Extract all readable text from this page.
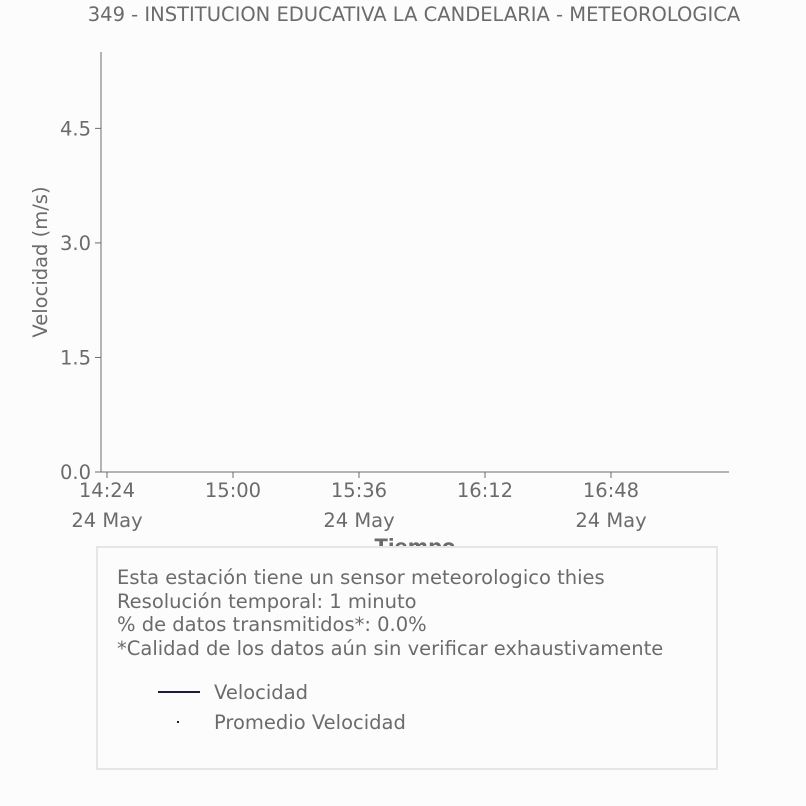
349 - INSTITUCION EDUCATIVA LA CANDELARIA - METEOROLOGICA
0.0
1.5
3.0
4.5
14:24
24 May
15:00	15:36
24 May
16:12	16:48
24 May
Velocidad (m/s)
Esta estación tiene un sensor meteorologico thies
Resolución temporal: 1 minuto
% de datos transmitidos*: 0.0%
*Calidad de los datos aún sin verificar exhaustivamente
Velocidad
Promedio Velocidad
